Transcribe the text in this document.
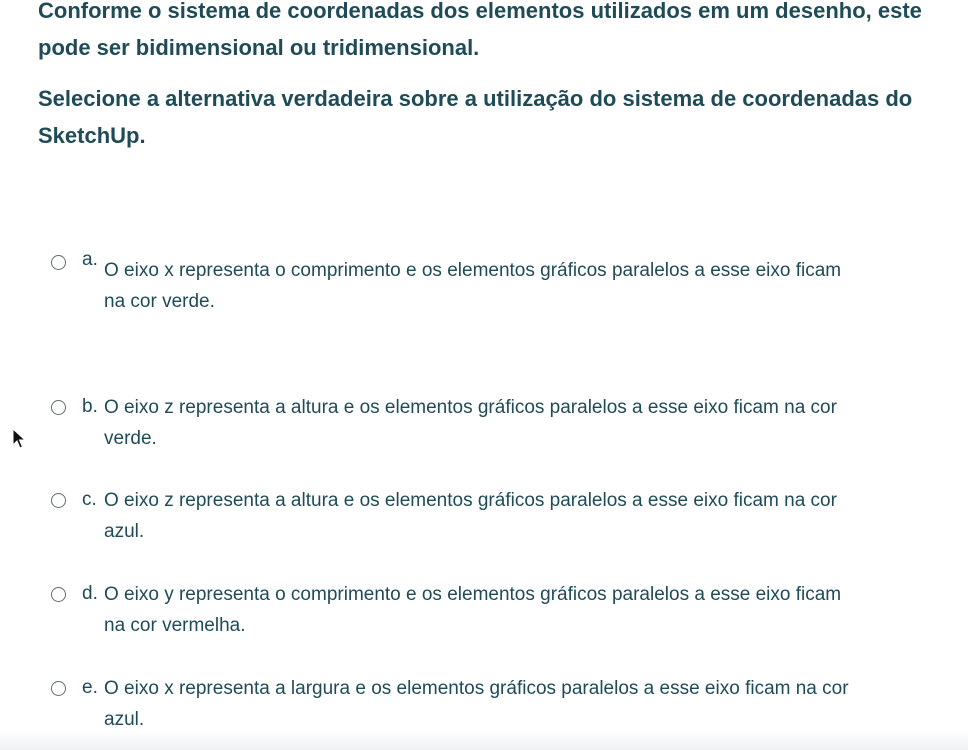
Conforme o sistema de coordenadas dos elementos utilizados em um desenho, este pode ser bidimensional ou tridimensional.

Selecione a alternativa verdadeira sobre a utilização do sistema de coordenadas do SketchUp.

a.
O eixo x representa o comprimento e os elementos gráficos paralelos a esse eixo ficam
na cor verde.
b. O eixo z representa a altura e os elementos gráficos paralelos a esse eixo ficam na cor
verde.
c. O eixo z representa a altura e os elementos gráficos paralelos a esse eixo ficam na cor
azul.
d. O eixo y representa o comprimento e os elementos gráficos paralelos a esse eixo ficam
na cor vermelha.
e. O eixo x representa a largura e os elementos gráficos paralelos a esse eixo ficam na cor
azul.
